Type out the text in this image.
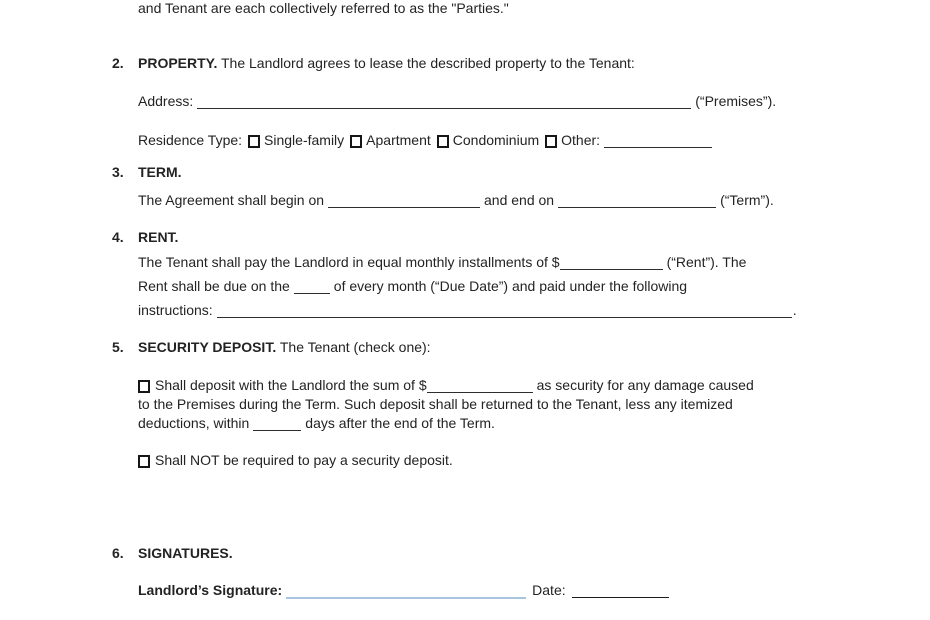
and Tenant are each collectively referred to as the "Parties."
2. PROPERTY. The Landlord agrees to lease the described property to the Tenant:
Address:	(“Premises”).
Residence Type: Single-family Apartment Condominium Other:
3. TERM.
The Agreement shall begin on	and end on	(“Term”).
4. RENT.
The Tenant shall pay the Landlord in equal monthly installments of $	(“Rent”). The
Rent shall be due on the	of every month (“Due Date”) and paid under the following
instructions:	.
5. SECURITY DEPOSIT. The Tenant (check one):
Shall deposit with the Landlord the sum of $	as security for any damage caused
to the Premises during the Term. Such deposit shall be returned to the Tenant, less any itemized
deductions, within	days after the end of the Term.
Shall NOT be required to pay a security deposit.
6. SIGNATURES.
Landlord’s Signature:	Date:
